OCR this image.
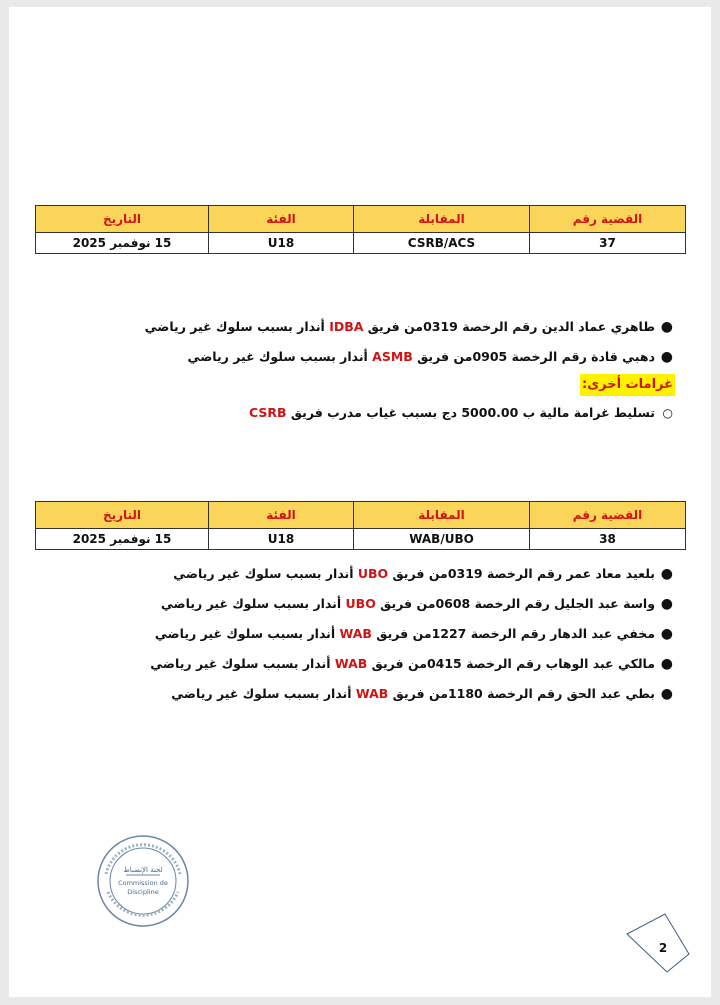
القضية رقم	المقابلة	الفئة	التاريخ
37	CSRB/ACS	U18	15 نوفمبر 2025
●
طاهري عماد الدين رقم الرخصة 0319من فريق IDBA أندار بسبب سلوك غير رياضي
●
دهبي قادة رقم الرخصة 0905من فريق ASMB أندار بسبب سلوك غير رياضي
غرامات أخرى:
○
تسليط غرامة مالية ب 5000.00 دج بسبب غياب مدرب فريق CSRB
القضية رقم	المقابلة	الفئة	التاريخ
38	WAB/UBO	U18	15 نوفمبر 2025
●
بلعيد معاد عمر رقم الرخصة 0319من فريق UBO أندار بسبب سلوك غير رياضي
●
واسة عبد الجليل رقم الرخصة 0608من فريق UBO أندار بسبب سلوك غير رياضي
●
مخفي عبد الدهار رقم الرخصة 1227من فريق WAB أندار بسبب سلوك غير رياضي
●
مالكي عبد الوهاب رقم الرخصة 0415من فريق WAB أندار بسبب سلوك غير رياضي
●
بطي عبد الحق رقم الرخصة 1180من فريق WAB أندار بسبب سلوك غير رياضي
لجنة الإنضباط
Commission de
Discipline
2
